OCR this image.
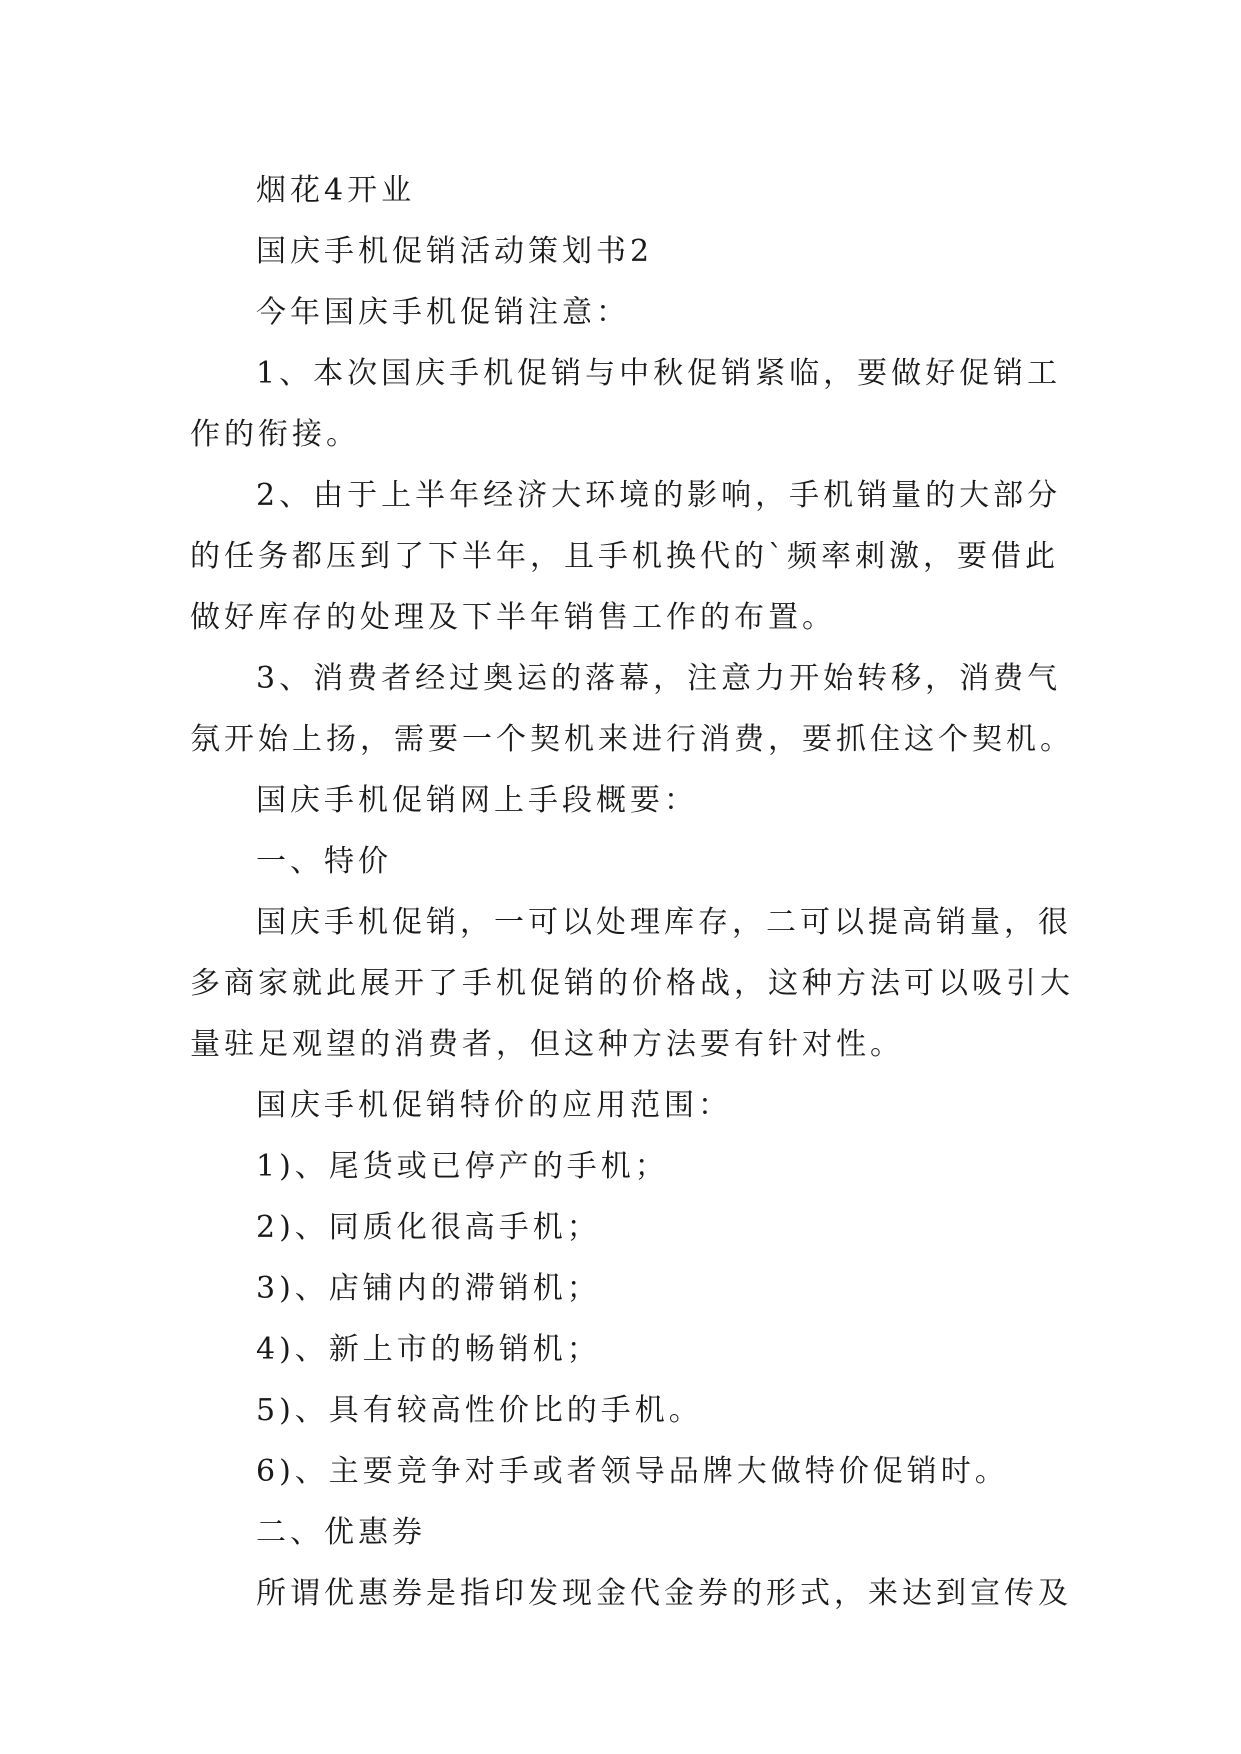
烟花4开业
国庆手机促销活动策划书2
今年国庆手机促销注意：
1、本次国庆手机促销与中秋促销紧临，要做好促销工
作的衔接。
2、由于上半年经济大环境的影响，手机销量的大部分
的任务都压到了下半年，且手机换代的`频率刺激，要借此
做好库存的处理及下半年销售工作的布置。
3、消费者经过奥运的落幕，注意力开始转移，消费气
氛开始上扬，需要一个契机来进行消费，要抓住这个契机。
国庆手机促销网上手段概要：
一、特价
国庆手机促销，一可以处理库存，二可以提高销量，很
多商家就此展开了手机促销的价格战，这种方法可以吸引大
量驻足观望的消费者，但这种方法要有针对性。
国庆手机促销特价的应用范围：
1)、尾货或已停产的手机；
2)、同质化很高手机；
3)、店铺内的滞销机；
4)、新上市的畅销机；
5)、具有较高性价比的手机。
6)、主要竞争对手或者领导品牌大做特价促销时。
二、优惠券
所谓优惠券是指印发现金代金券的形式，来达到宣传及
